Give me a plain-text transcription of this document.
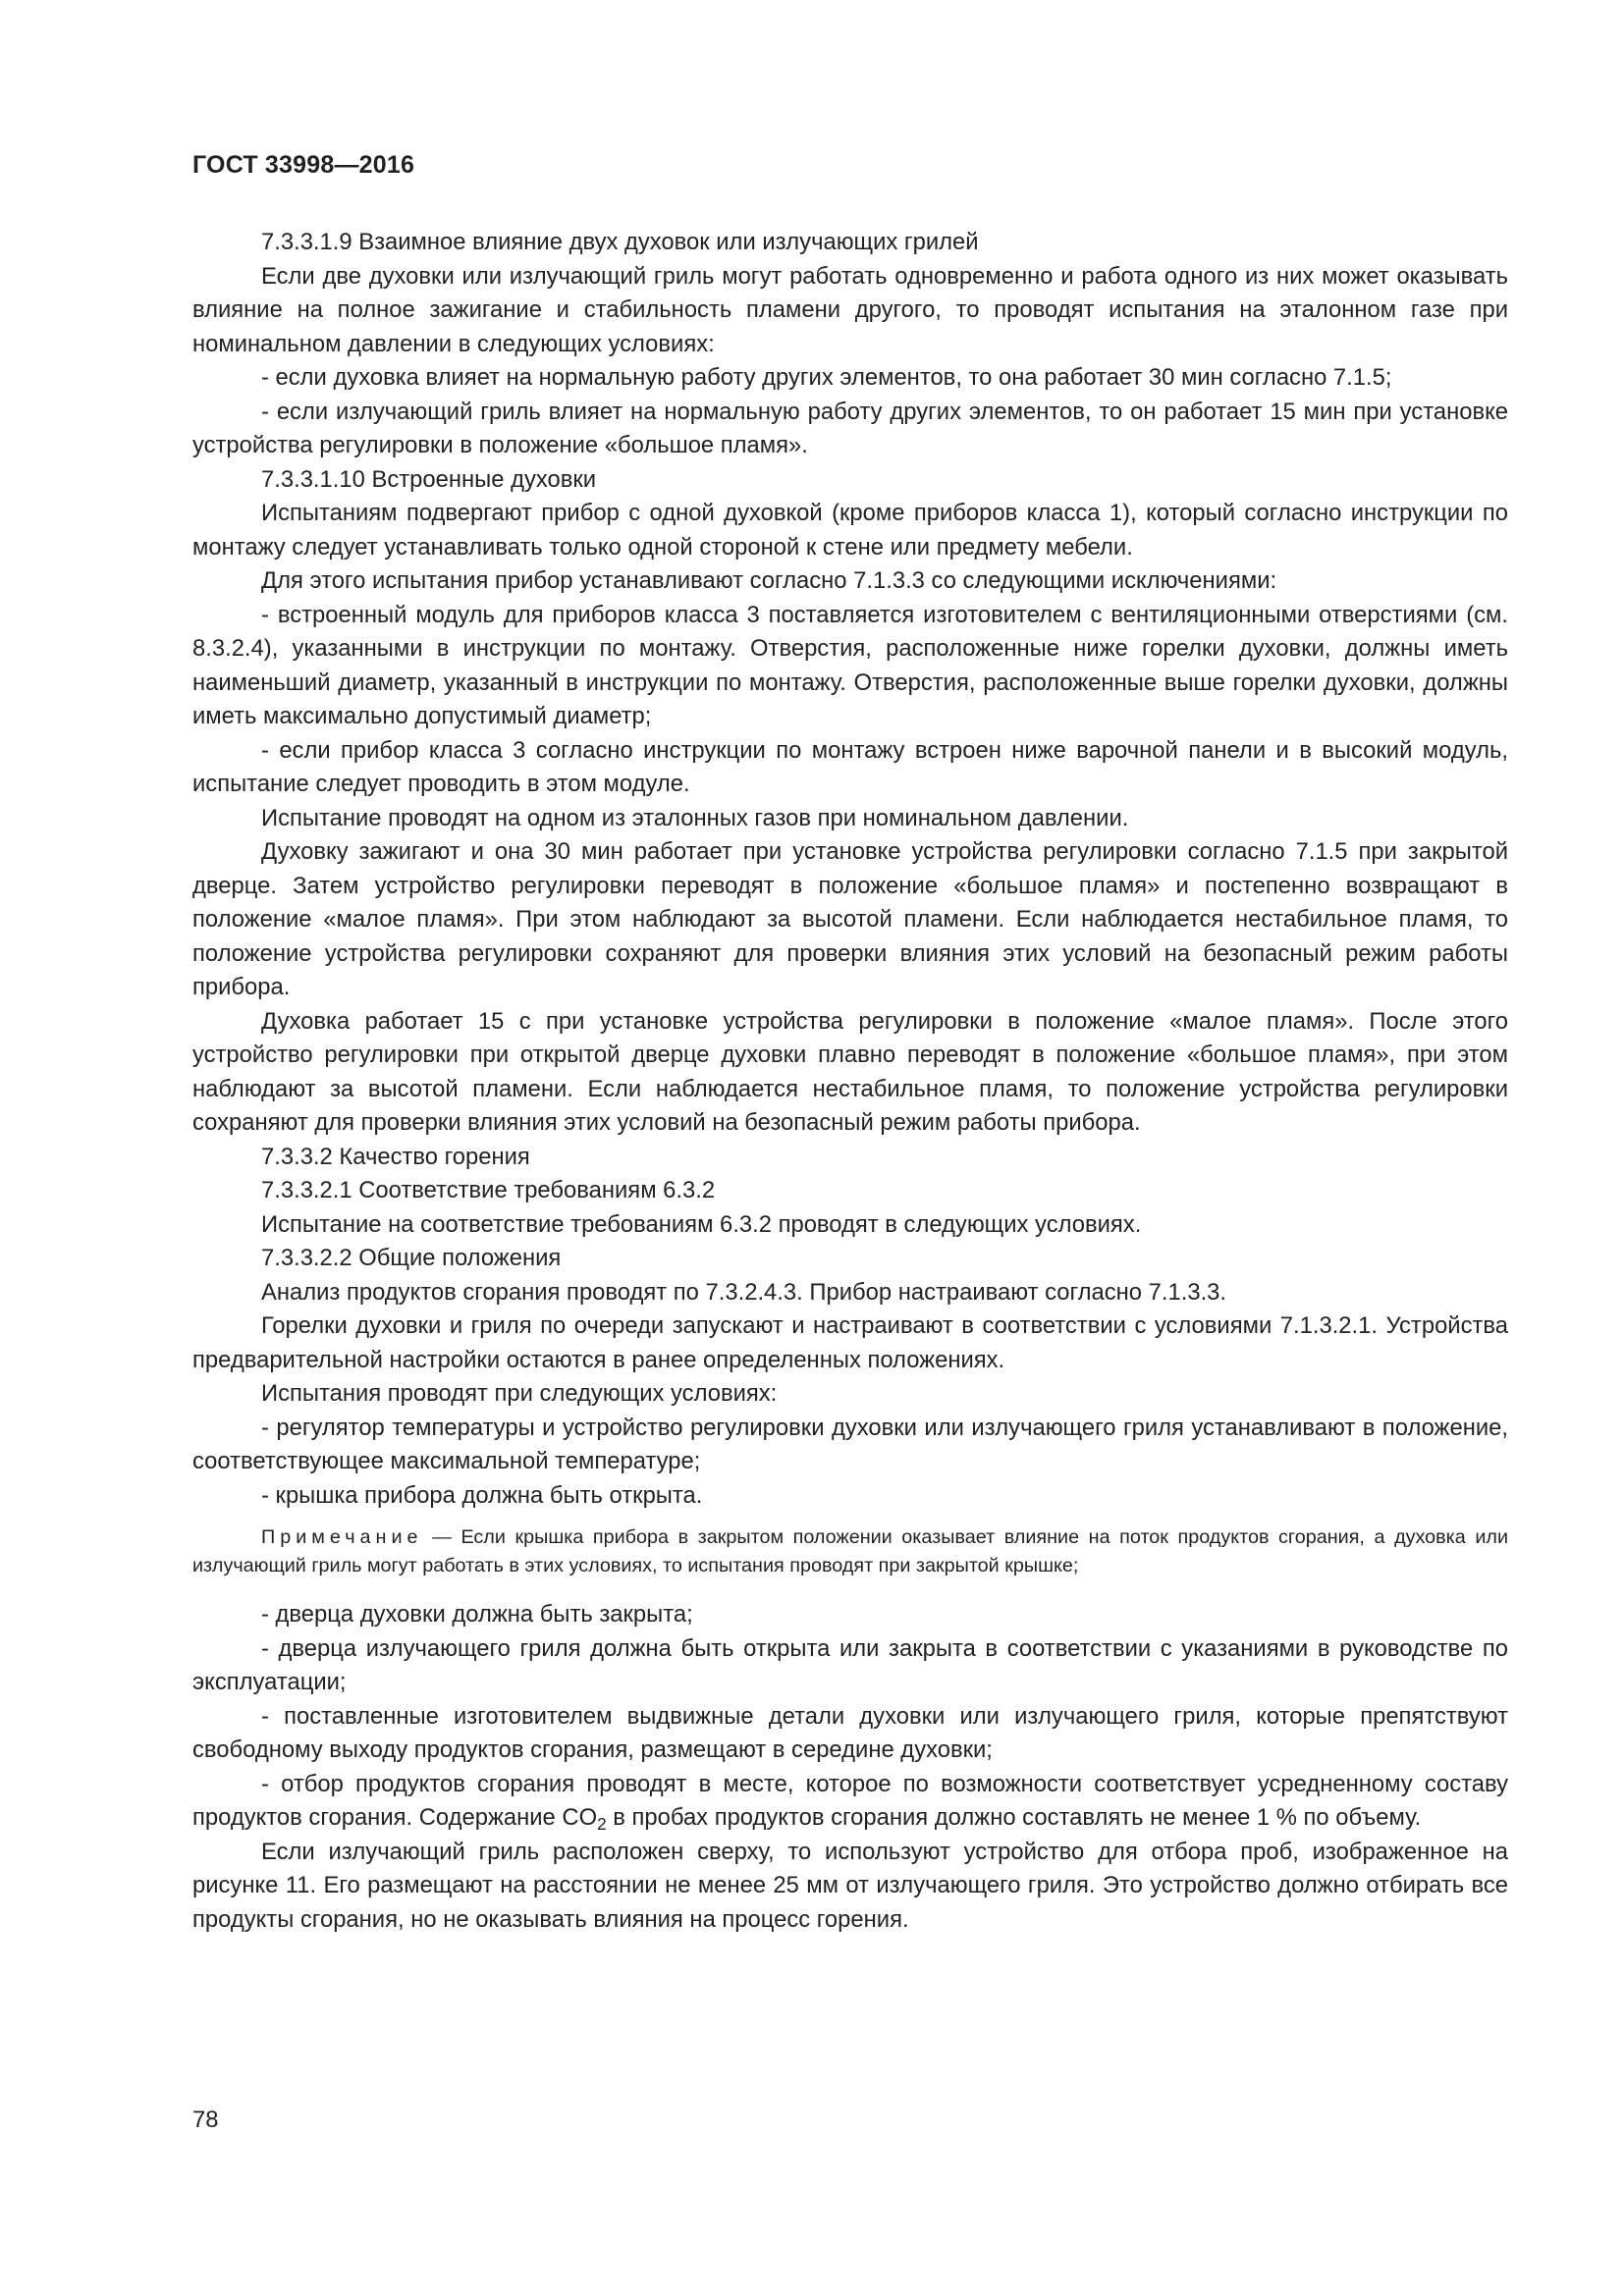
ГОСТ 33998—2016

7.3.3.1.9 Взаимное влияние двух духовок или излучающих грилей

Если две духовки или излучающий гриль могут работать одновременно и работа одного из них может оказывать влияние на полное зажигание и стабильность пламени другого, то проводят испытания на эталонном газе при номинальном давлении в следующих условиях:

- если духовка влияет на нормальную работу других элементов, то она работает 30 мин согласно 7.1.5;

- если излучающий гриль влияет на нормальную работу других элементов, то он работает 15 мин при установке устройства регулировки в положение «большое пламя».

7.3.3.1.10 Встроенные духовки

Испытаниям подвергают прибор с одной духовкой (кроме приборов класса 1), который согласно инструкции по монтажу следует устанавливать только одной стороной к стене или предмету мебели.

Для этого испытания прибор устанавливают согласно 7.1.3.3 со следующими исключениями:

- встроенный модуль для приборов класса 3 поставляется изготовителем с вентиляционными отверстиями (см. 8.3.2.4), указанными в инструкции по монтажу. Отверстия, расположенные ниже горелки духовки, должны иметь наименьший диаметр, указанный в инструкции по монтажу. Отверстия, расположенные выше горелки духовки, должны иметь максимально допустимый диаметр;

- если прибор класса 3 согласно инструкции по монтажу встроен ниже варочной панели и в высокий модуль, испытание следует проводить в этом модуле.

Испытание проводят на одном из эталонных газов при номинальном давлении.

Духовку зажигают и она 30 мин работает при установке устройства регулировки согласно 7.1.5 при закрытой дверце. Затем устройство регулировки переводят в положение «большое пламя» и постепенно возвращают в положение «малое пламя». При этом наблюдают за высотой пламени. Если наблюдается нестабильное пламя, то положение устройства регулировки сохраняют для проверки влияния этих условий на безопасный режим работы прибора.

Духовка работает 15 с при установке устройства регулировки в положение «малое пламя». После этого устройство регулировки при открытой дверце духовки плавно переводят в положение «большое пламя», при этом наблюдают за высотой пламени. Если наблюдается нестабильное пламя, то положение устройства регулировки сохраняют для проверки влияния этих условий на безопасный режим работы прибора.

7.3.3.2 Качество горения

7.3.3.2.1 Соответствие требованиям 6.3.2

Испытание на соответствие требованиям 6.3.2 проводят в следующих условиях.

7.3.3.2.2 Общие положения

Анализ продуктов сгорания проводят по 7.3.2.4.3. Прибор настраивают согласно 7.1.3.3.

Горелки духовки и гриля по очереди запускают и настраивают в соответствии с условиями 7.1.3.2.1. Устройства предварительной настройки остаются в ранее определенных положениях.

Испытания проводят при следующих условиях:

- регулятор температуры и устройство регулировки духовки или излучающего гриля устанавливают в положение, соответствующее максимальной температуре;

- крышка прибора должна быть открыта.

Примечание — Если крышка прибора в закрытом положении оказывает влияние на поток продуктов сгорания, а духовка или излучающий гриль могут работать в этих условиях, то испытания проводят при закрытой крышке;

- дверца духовки должна быть закрыта;

- дверца излучающего гриля должна быть открыта или закрыта в соответствии с указаниями в руководстве по эксплуатации;

- поставленные изготовителем выдвижные детали духовки или излучающего гриля, которые препятствуют свободному выходу продуктов сгорания, размещают в середине духовки;

- отбор продуктов сгорания проводят в месте, которое по возможности соответствует усредненному составу продуктов сгорания. Содержание $CO_2$ в пробах продуктов сгорания должно составлять не менее 1 % по объему.

Если излучающий гриль расположен сверху, то используют устройство для отбора проб, изображенное на рисунке 11. Его размещают на расстоянии не менее 25 мм от излучающего гриля. Это устройство должно отбирать все продукты сгорания, но не оказывать влияния на процесс горения.

78
